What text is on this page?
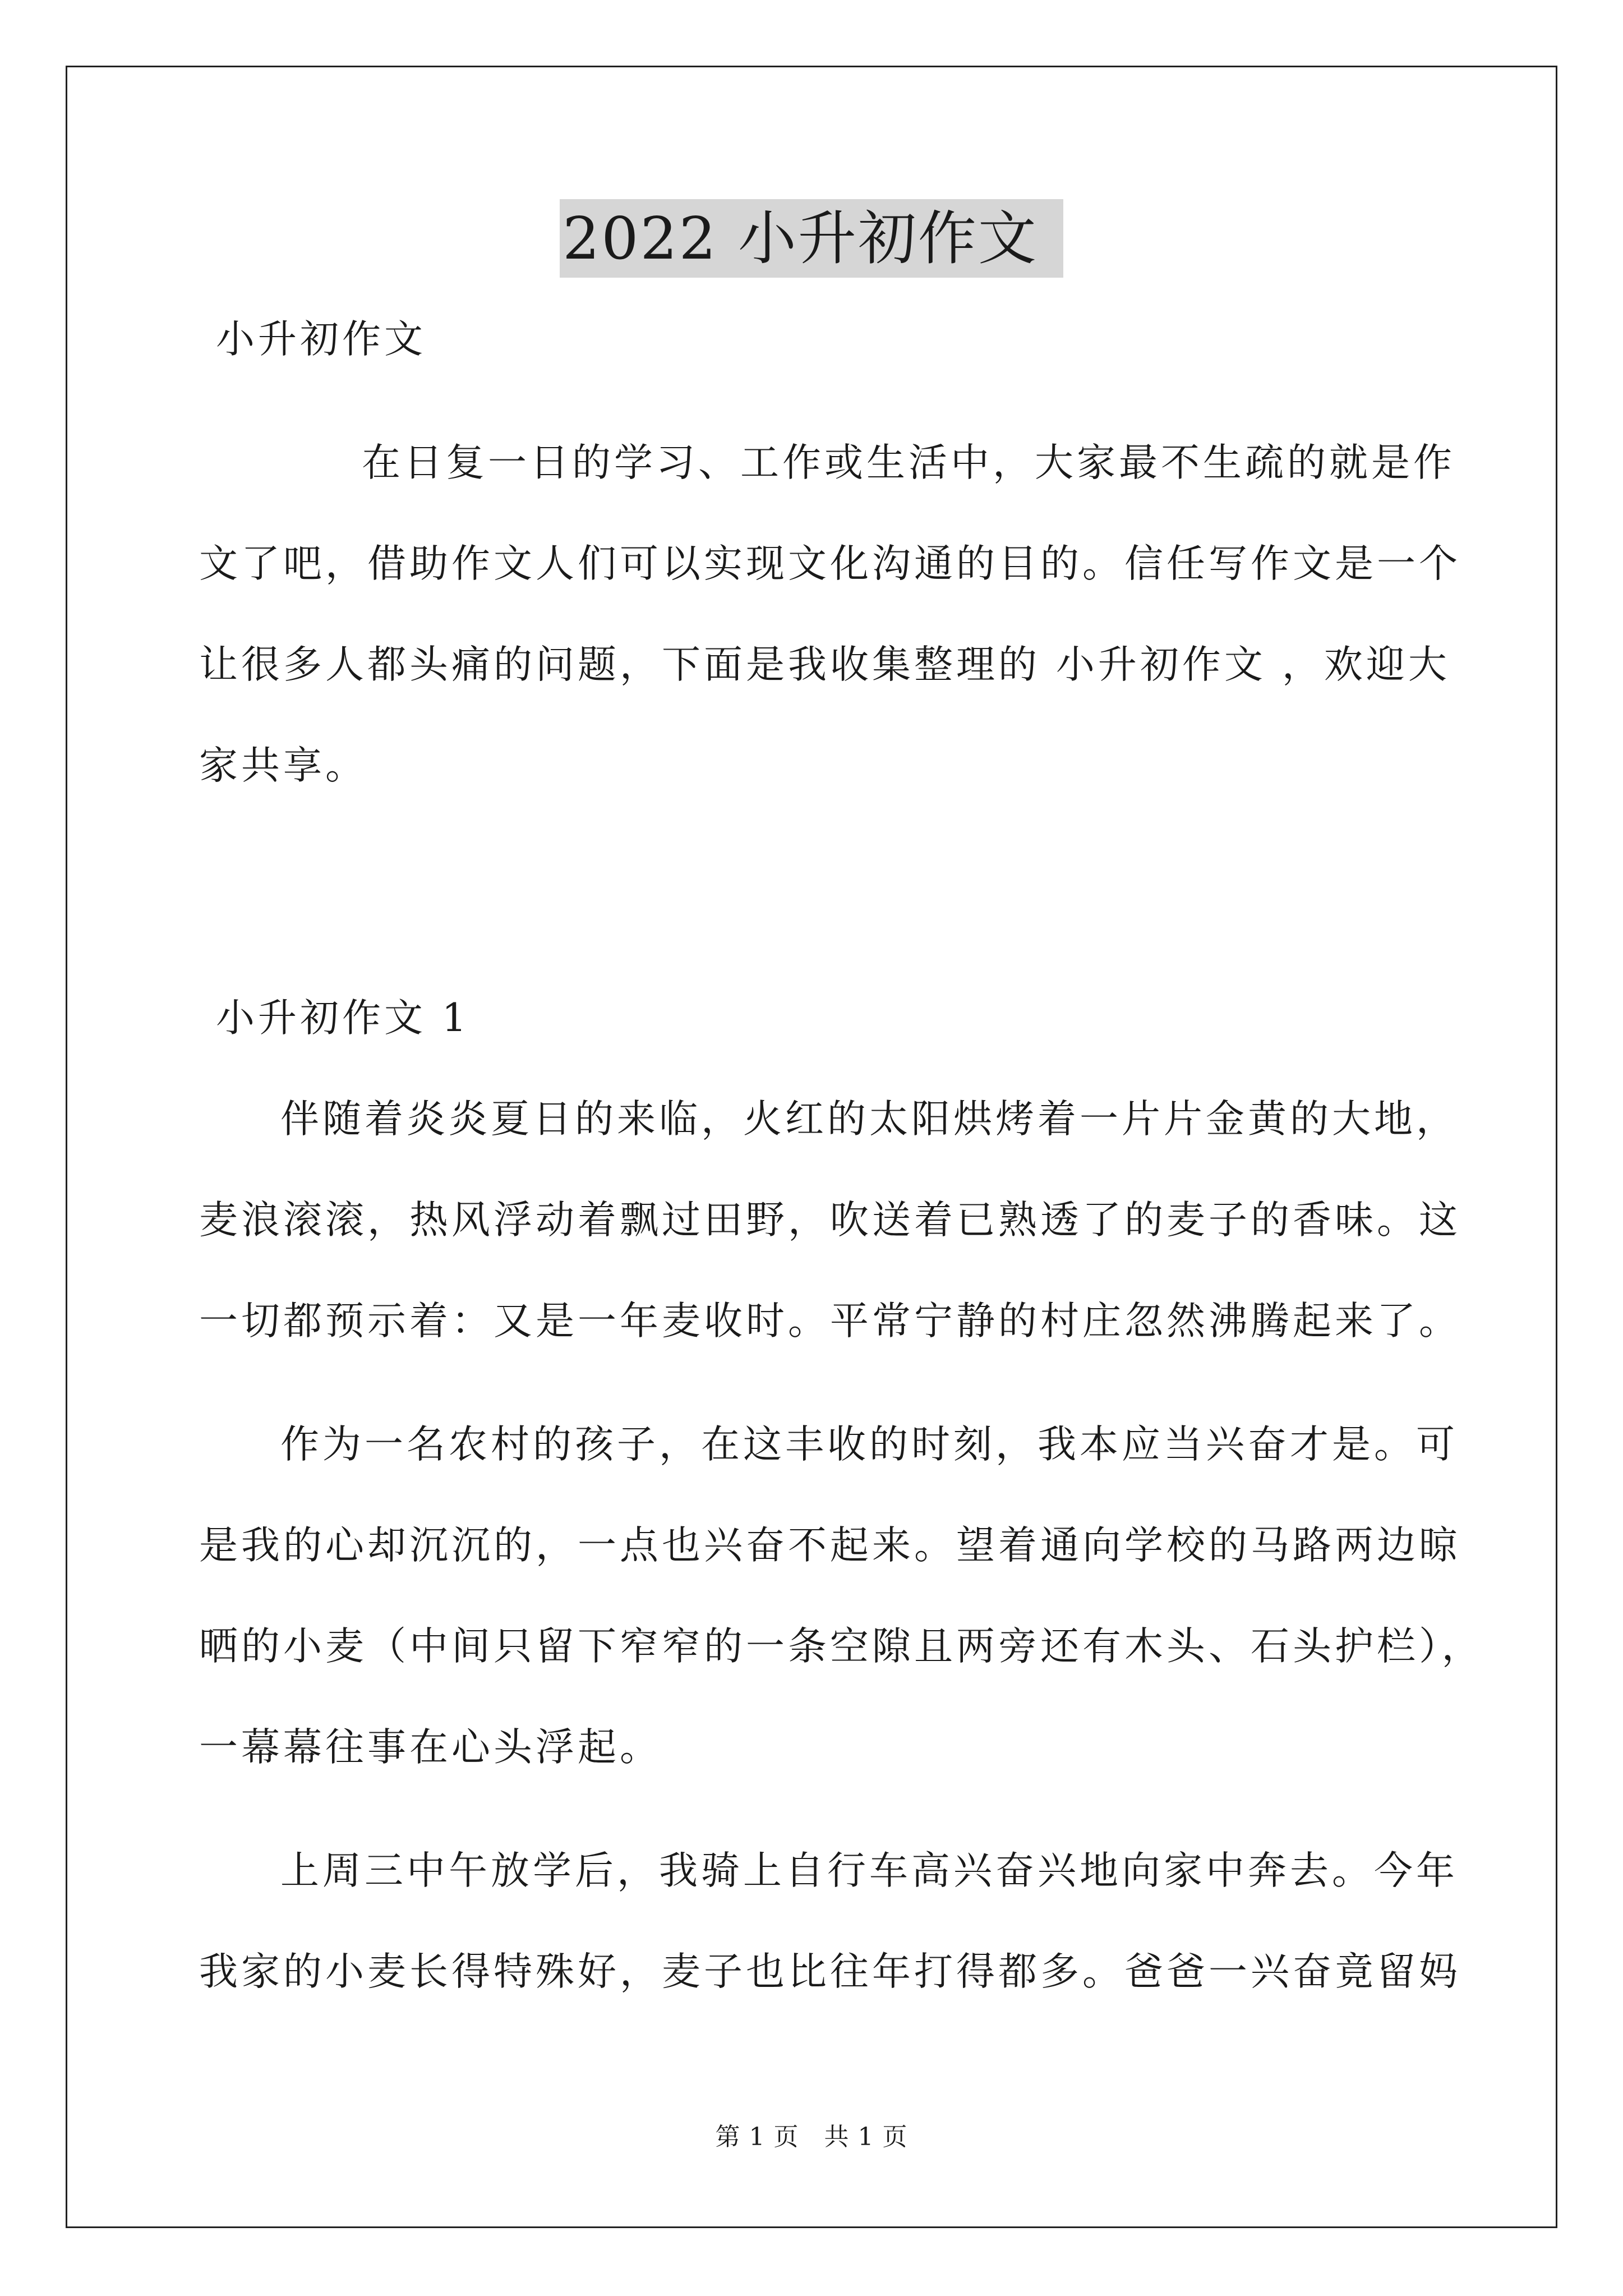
2022 小升初作文
小升初作文
在日复一日的学习、工作或生活中，大家最不生疏的就是作
文了吧，借助作文人们可以实现文化沟通的目的。信任写作文是一个
让很多人都头痛的问题，下面是我收集整理的 小升初作文 ，欢迎大
家共享。
小升初作文 1
伴随着炎炎夏日的来临，火红的太阳烘烤着一片片金黄的大地，
麦浪滚滚，热风浮动着飘过田野，吹送着已熟透了的麦子的香味。这
一切都预示着：又是一年麦收时。平常宁静的村庄忽然沸腾起来了。
作为一名农村的孩子，在这丰收的时刻，我本应当兴奋才是。可
是我的心却沉沉的，一点也兴奋不起来。望着通向学校的马路两边晾
晒的小麦（中间只留下窄窄的一条空隙且两旁还有木头、石头护栏），
一幕幕往事在心头浮起。
上周三中午放学后，我骑上自行车高兴奋兴地向家中奔去。今年
我家的小麦长得特殊好，麦子也比往年打得都多。爸爸一兴奋竟留妈
第 1 页　共 1 页
